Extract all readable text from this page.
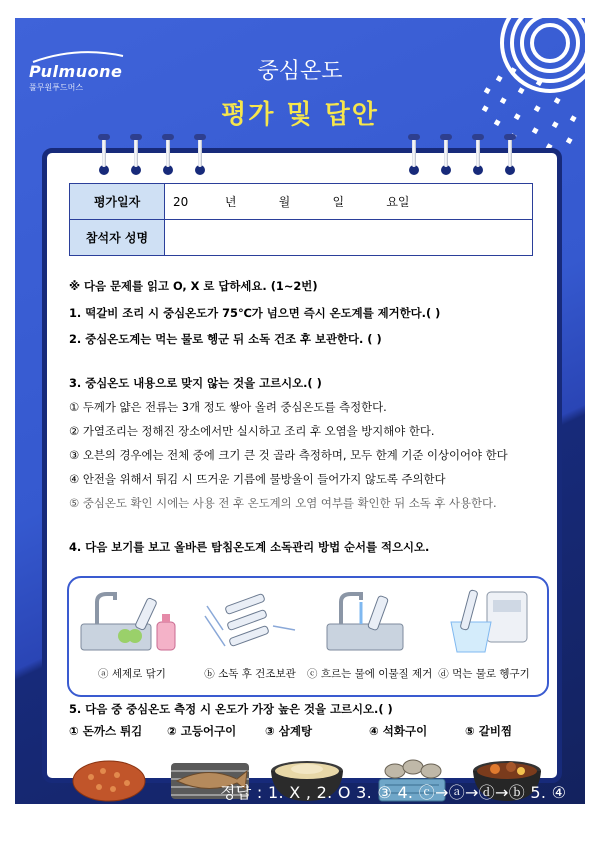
Pulmuone
풀무원푸드머스
중심온도
평가 및 답안
평가일자	20 년 월 일 요일
참석자 성명	
※ 다음 문제를 읽고 O, X 로 답하세요. (1~2번)
1. 떡갈비 조리 시 중심온도가 75℃가 넘으면 즉시 온도계를 제거한다.( )
2. 중심온도계는 먹는 물로 헹군 뒤 소독 건조 후 보관한다. ( )
3. 중심온도 내용으로 맞지 않는 것을 고르시오.( )
① 두께가 얇은 전류는 3개 정도 쌓아 올려 중심온도를 측정한다.
② 가열조리는 정해진 장소에서만 실시하고 조리 후 오염을 방지해야 한다.
③ 오븐의 경우에는 전체 중에 크기 큰 것 골라 측정하며, 모두 한계 기준 이상이어야 한다
④ 안전을 위해서 튀김 시 뜨거운 기름에 물방울이 들어가지 않도록 주의한다
⑤ 중심온도 확인 시에는 사용 전 후 온도계의 오염 여부를 확인한 뒤 소독 후 사용한다.
4. 다음 보기를 보고 올바른 탐침온도계 소독관리 방법 순서를 적으시오.
ⓐ 세제로 닦기	ⓑ 소독 후 건조보관	ⓒ 흐르는 물에 이물질 제거 ⓓ 먹는 물로 헹구기
5. 다음 중 중심온도 측정 시 온도가 가장 높은 것을 고르시오.( )
① 돈까스 튀김	② 고등어구이	③ 삼계탕	④ 석화구이	⑤ 갈비찜
정답 : 1. X , 2. O 3. ③ 4. ⓒ→ⓐ→ⓓ→ⓑ 5. ④
